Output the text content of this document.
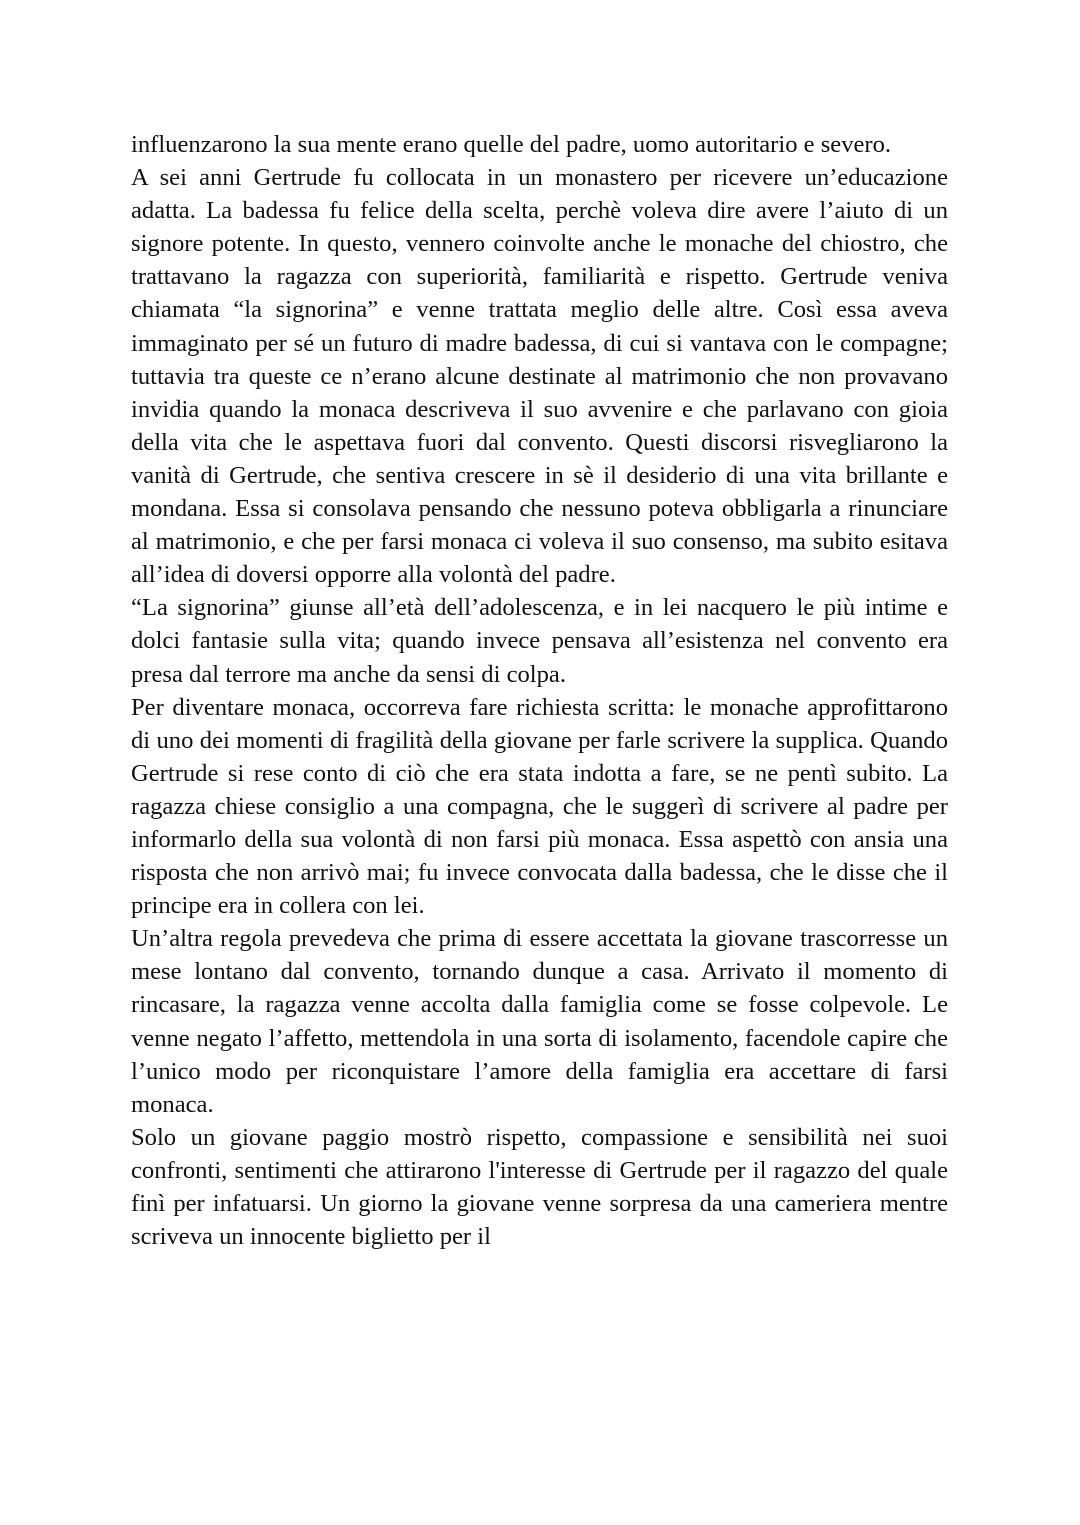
influenzarono la sua mente erano quelle del padre, uomo autoritario e severo.

A sei anni Gertrude fu collocata in un monastero per ricevere un’educazione adatta. La badessa fu felice della scelta, perchè voleva dire avere l’aiuto di un signore potente. In questo, vennero coinvolte anche le monache del chiostro, che trattavano la ragazza con superiorità, familiarità e rispetto. Gertrude veniva chiamata “la signorina” e venne trattata meglio delle altre. Così essa aveva immaginato per sé un futuro di madre badessa, di cui si vantava con le compagne; tuttavia tra queste ce n’erano alcune destinate al matrimonio che non provavano invidia quando la monaca descriveva il suo avvenire e che parlavano con gioia della vita che le aspettava fuori dal convento. Questi discorsi risvegliarono la vanità di Gertrude, che sentiva crescere in sè il desiderio di una vita brillante e mondana. Essa si consolava pensando che nessuno poteva obbligarla a rinunciare al matrimonio, e che per farsi monaca ci voleva il suo consenso, ma subito esitava all’idea di doversi opporre alla volontà del padre.

“La signorina” giunse all’età dell’adolescenza, e in lei nacquero le più intime e dolci fantasie sulla vita; quando invece pensava all’esistenza nel convento era presa dal terrore ma anche da sensi di colpa.

Per diventare monaca, occorreva fare richiesta scritta: le monache approfittarono di uno dei momenti di fragilità della giovane per farle scrivere la supplica. Quando Gertrude si rese conto di ciò che era stata indotta a fare, se ne pentì subito. La ragazza chiese consiglio a una compagna, che le suggerì di scrivere al padre per informarlo della sua volontà di non farsi più monaca. Essa aspettò con ansia una risposta che non arrivò mai; fu invece convocata dalla badessa, che le disse che il principe era in collera con lei.

Un’altra regola prevedeva che prima di essere accettata la giovane trascorresse un mese lontano dal convento, tornando dunque a casa. Arrivato il momento di rincasare, la ragazza venne accolta dalla famiglia come se fosse colpevole. Le venne negato l’affetto, mettendola in una sorta di isolamento, facendole capire che l’unico modo per riconquistare l’amore della famiglia era accettare di farsi monaca.

Solo un giovane paggio mostrò rispetto, compassione e sensibilità nei suoi confronti, sentimenti che attirarono l'interesse di Gertrude per il ragazzo del quale finì per infatuarsi. Un giorno la giovane venne sorpresa da una cameriera mentre scriveva un innocente biglietto per il
